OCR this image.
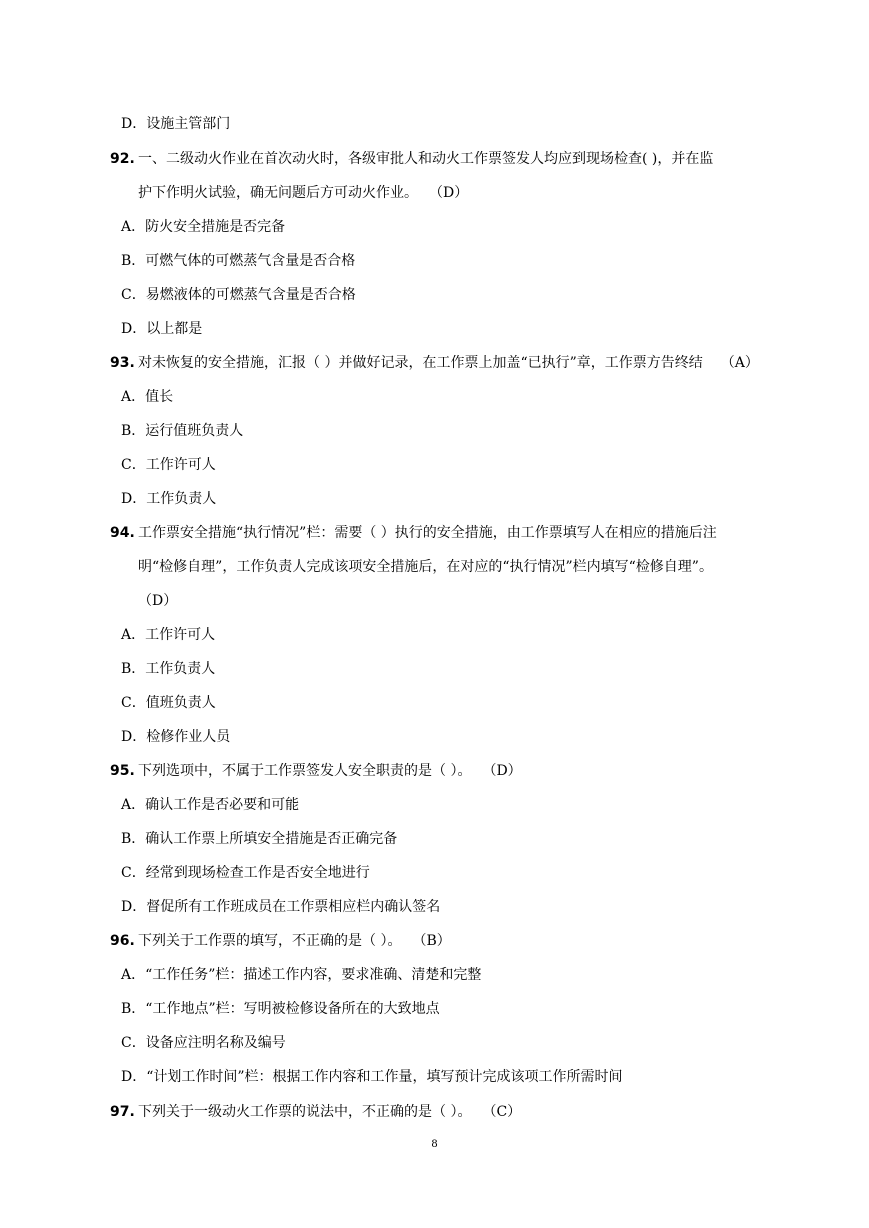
D．设施主管部门
92. 一、二级动火作业在首次动火时，各级审批人和动火工作票签发人均应到现场检查( )，并在监
护下作明火试验，确无问题后方可动火作业。 （D）
A．防火安全措施是否完备
B．可燃气体的可燃蒸气含量是否合格
C．易燃液体的可燃蒸气含量是否合格
D．以上都是
93. 对未恢复的安全措施，汇报（ ）并做好记录，在工作票上加盖“已执行”章，工作票方告终结 （A）
A．值长
B．运行值班负责人
C．工作许可人
D．工作负责人
94. 工作票安全措施“执行情况”栏：需要（ ）执行的安全措施，由工作票填写人在相应的措施后注
明“检修自理”，工作负责人完成该项安全措施后，在对应的“执行情况”栏内填写“检修自理”。
（D）
A．工作许可人
B．工作负责人
C．值班负责人
D．检修作业人员
95. 下列选项中，不属于工作票签发人安全职责的是（ ）。 （D）
A．确认工作是否必要和可能
B．确认工作票上所填安全措施是否正确完备
C．经常到现场检查工作是否安全地进行
D．督促所有工作班成员在工作票相应栏内确认签名
96. 下列关于工作票的填写，不正确的是（ ）。 （B）
A．“工作任务”栏：描述工作内容，要求准确、清楚和完整
B．“工作地点”栏：写明被检修设备所在的大致地点
C．设备应注明名称及编号
D．“计划工作时间”栏：根据工作内容和工作量，填写预计完成该项工作所需时间
97. 下列关于一级动火工作票的说法中，不正确的是（ ）。 （C）
8
